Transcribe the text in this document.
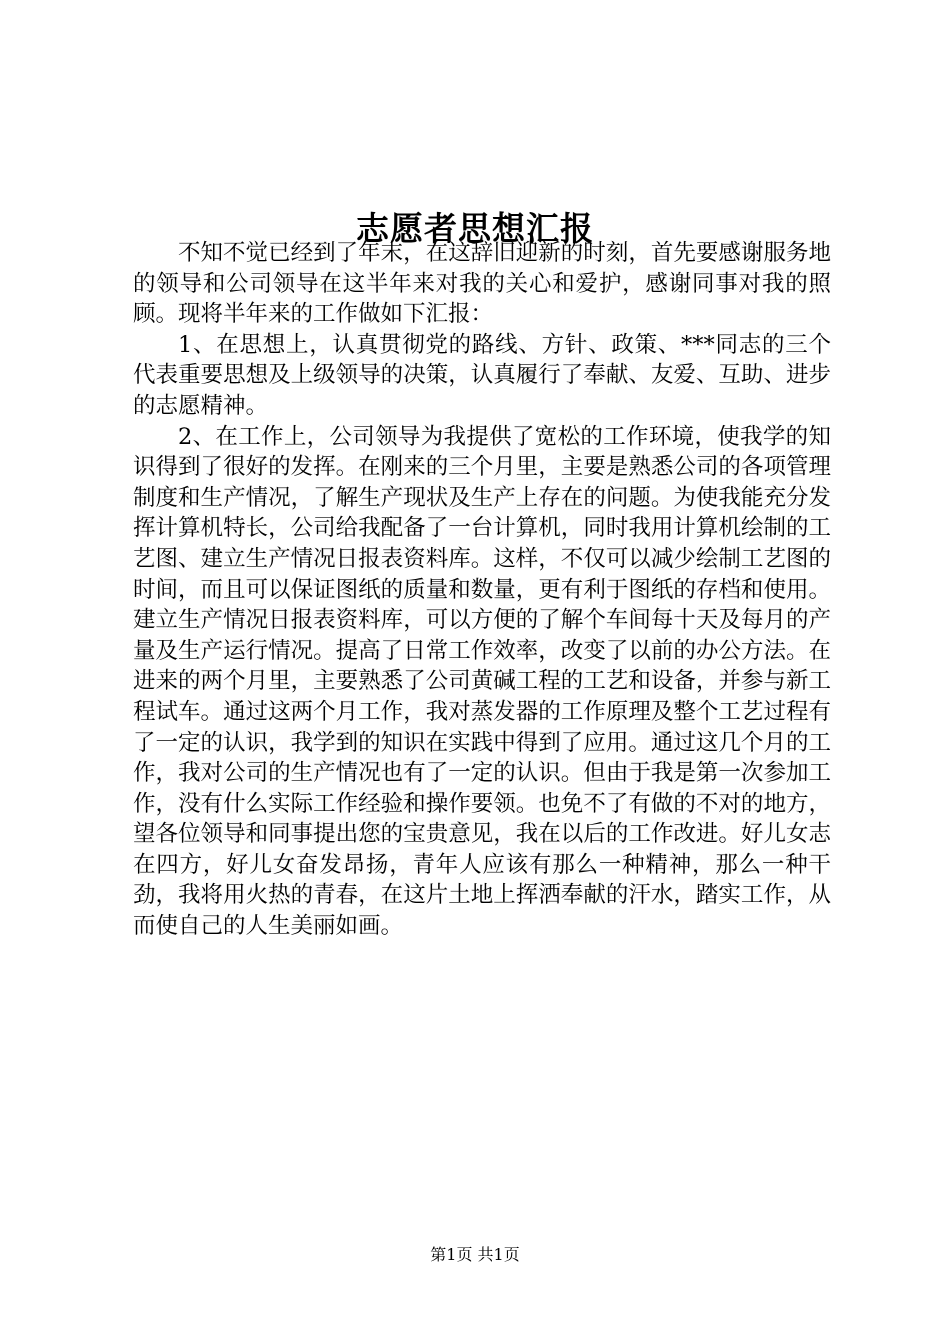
志愿者思想汇报

不知不觉已经到了年末，在这辞旧迎新的时刻，首先要感谢服务地的领导和公司领导在这半年来对我的关心和爱护，感谢同事对我的照顾。现将半年来的工作做如下汇报：

1、在思想上，认真贯彻党的路线、方针、政策、***同志的三个代表重要思想及上级领导的决策，认真履行了奉献、友爱、互助、进步的志愿精神。

2、在工作上，公司领导为我提供了宽松的工作环境，使我学的知识得到了很好的发挥。在刚来的三个月里，主要是熟悉公司的各项管理制度和生产情况，了解生产现状及生产上存在的问题。为使我能充分发挥计算机特长，公司给我配备了一台计算机，同时我用计算机绘制的工艺图、建立生产情况日报表资料库。这样，不仅可以减少绘制工艺图的时间，而且可以保证图纸的质量和数量，更有利于图纸的存档和使用。建立生产情况日报表资料库，可以方便的了解个车间每十天及每月的产量及生产运行情况。提高了日常工作效率，改变了以前的办公方法。在进来的两个月里，主要熟悉了公司黄碱工程的工艺和设备，并参与新工程试车。通过这两个月工作，我对蒸发器的工作原理及整个工艺过程有了一定的认识，我学到的知识在实践中得到了应用。通过这几个月的工作，我对公司的生产情况也有了一定的认识。但由于我是第一次参加工作，没有什么实际工作经验和操作要领。也免不了有做的不对的地方，望各位领导和同事提出您的宝贵意见，我在以后的工作改进。好儿女志在四方，好儿女奋发昂扬，青年人应该有那么一种精神，那么一种干劲，我将用火热的青春，在这片土地上挥洒奉献的汗水，踏实工作，从而使自己的人生美丽如画。

第1页 共1页
